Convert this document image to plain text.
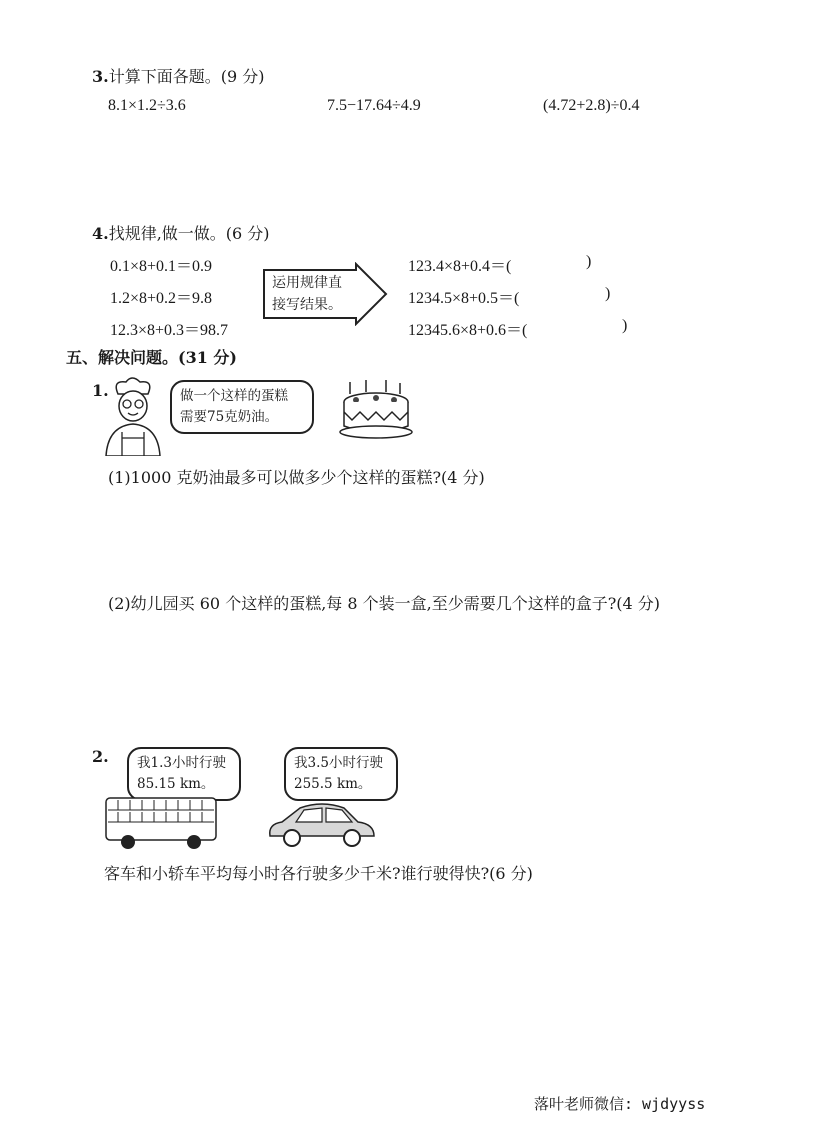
3.计算下面各题。(9 分)
8.1×1.2÷3.6	7.5−17.64÷4.9	(4.72+2.8)÷0.4
4.找规律,做一做。(6 分)
0.1×8+0.1＝0.9
1.2×8+0.2＝9.8
12.3×8+0.3＝98.7
运用规律直
接写结果。
123.4×8+0.4＝(	)
1234.5×8+0.5＝(	)
12345.6×8+0.6＝(	)
五、解决问题。(31 分)
1.	做一个这样的蛋糕
需要75克奶油。
(1)1000 克奶油最多可以做多少个这样的蛋糕?(4 分)
(2)幼儿园买 60 个这样的蛋糕,每 8 个装一盒,至少需要几个这样的盒子?(4 分)
2. 我1.3小时行驶
85.15 km。
我3.5小时行驶
255.5 km。
客车和小轿车平均每小时各行驶多少千米?谁行驶得快?(6 分)
落叶老师微信: wjdyyss
